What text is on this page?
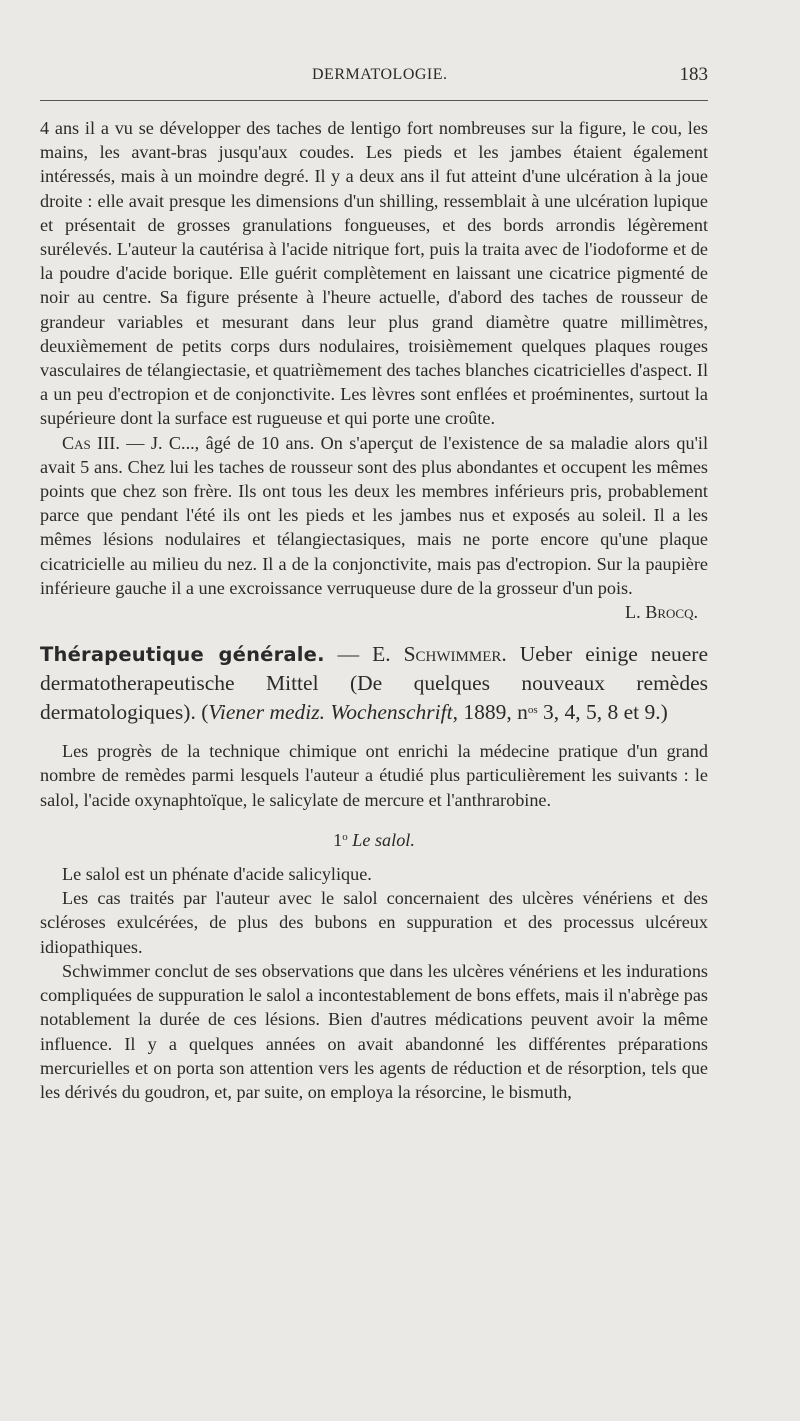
DERMATOLOGIE.	183

4 ans il a vu se développer des taches de lentigo fort nombreuses sur la figure, le cou, les mains, les avant-bras jusqu'aux coudes. Les pieds et les jambes étaient également intéressés, mais à un moindre degré. Il y a deux ans il fut atteint d'une ulcération à la joue droite : elle avait presque les dimensions d'un shilling, ressemblait à une ulcération lupique et présentait de grosses granulations fongueuses, et des bords arrondis légèrement surélevés. L'auteur la cautérisa à l'acide nitrique fort, puis la traita avec de l'iodoforme et de la poudre d'acide borique. Elle guérit complètement en laissant une cicatrice pigmenté de noir au centre. Sa figure présente à l'heure actuelle, d'abord des taches de rousseur de grandeur variables et mesurant dans leur plus grand diamètre quatre millimètres, deuxièmement de petits corps durs nodulaires, troisièmement quelques plaques rouges vasculaires de télangiectasie, et quatrièmement des taches blanches cicatricielles d'aspect. Il a un peu d'ectropion et de conjonctivite. Les lèvres sont enflées et proéminentes, surtout la supérieure dont la surface est rugueuse et qui porte une croûte.

Cas III. — J. C..., âgé de 10 ans. On s'aperçut de l'existence de sa maladie alors qu'il avait 5 ans. Chez lui les taches de rousseur sont des plus abondantes et occupent les mêmes points que chez son frère. Ils ont tous les deux les membres inférieurs pris, probablement parce que pendant l'été ils ont les pieds et les jambes nus et exposés au soleil. Il a les mêmes lésions nodulaires et télangiectasiques, mais ne porte encore qu'une plaque cicatricielle au milieu du nez. Il a de la conjonctivite, mais pas d'ectropion. Sur la paupière inférieure gauche il a une excroissance verruqueuse dure de la grosseur d'un pois.

L. Brocq.

Thérapeutique générale. — E. Schwimmer. Ueber einige neuere dermatotherapeutische Mittel (De quelques nouveaux remèdes dermatologiques). (Viener mediz. Wochenschrift, 1889, $n^{os}$ 3, 4, 5, 8 et 9.)

Les progrès de la technique chimique ont enrichi la médecine pratique d'un grand nombre de remèdes parmi lesquels l'auteur a étudié plus particulièrement les suivants : le salol, l'acide oxynaphtoïque, le salicylate de mercure et l'anthrarobine.

1$^o$ Le salol.

Le salol est un phénate d'acide salicylique.

Les cas traités par l'auteur avec le salol concernaient des ulcères vénériens et des scléroses exulcérées, de plus des bubons en suppuration et des processus ulcéreux idiopathiques.

Schwimmer conclut de ses observations que dans les ulcères vénériens et les indurations compliquées de suppuration le salol a incontestablement de bons effets, mais il n'abrège pas notablement la durée de ces lésions. Bien d'autres médications peuvent avoir la même influence. Il y a quelques années on avait abandonné les différentes préparations mercurielles et on porta son attention vers les agents de réduction et de résorption, tels que les dérivés du goudron, et, par suite, on employa la résorcine, le bismuth,
